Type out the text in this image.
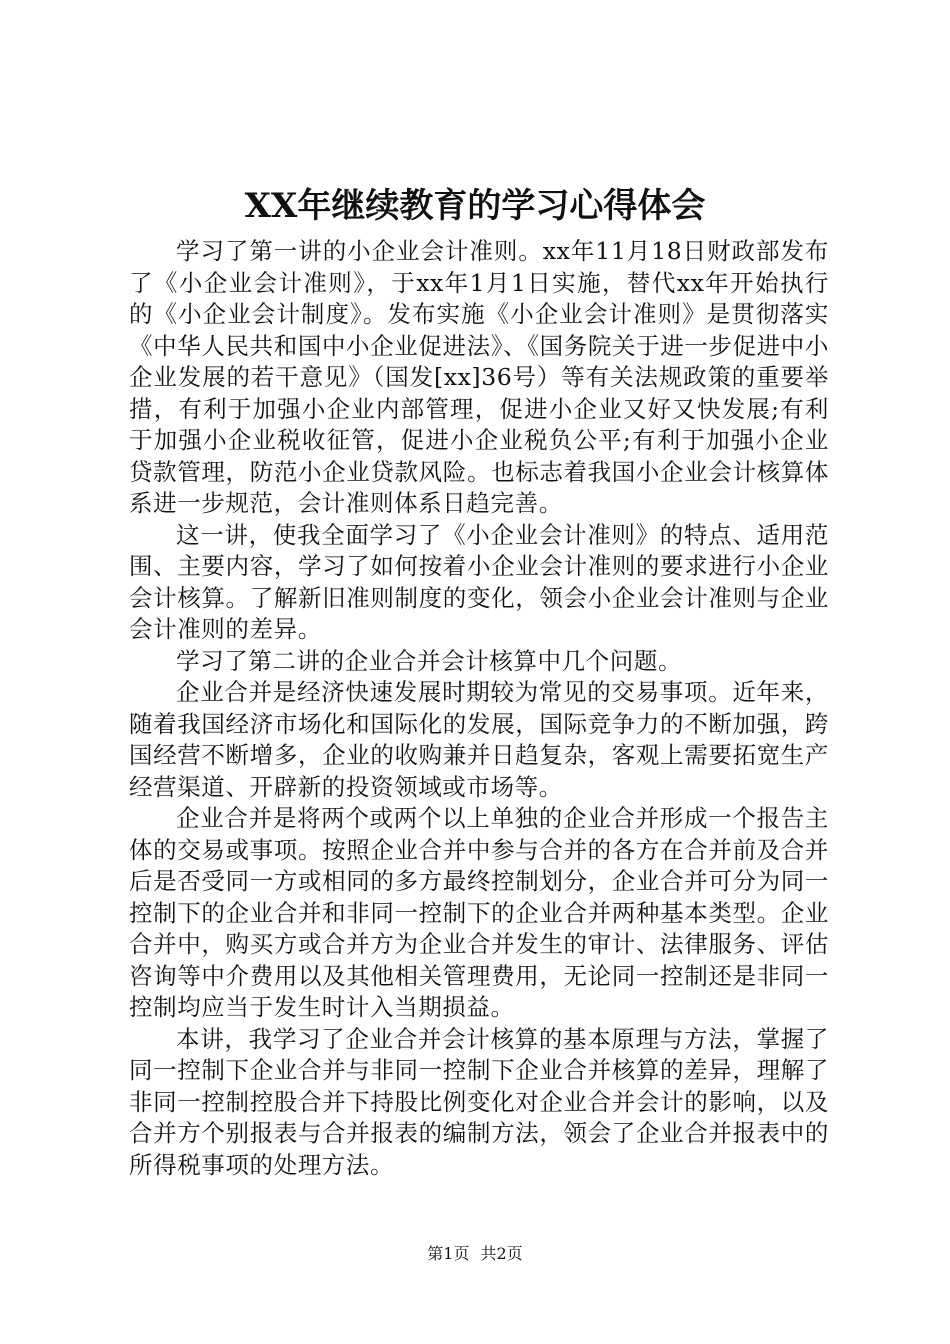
XX年继续教育的学习心得体会

学习了第一讲的小企业会计准则。xx年11月18日财政部发布了《小企业会计准则》，于xx年1月1日实施，替代xx年开始执行的《小企业会计制度》。发布实施《小企业会计准则》是贯彻落实《中华人民共和国中小企业促进法》、《国务院关于进一步促进中小企业发展的若干意见》（国发[xx]36号）等有关法规政策的重要举措，有利于加强小企业内部管理，促进小企业又好又快发展;有利于加强小企业税收征管，促进小企业税负公平;有利于加强小企业贷款管理，防范小企业贷款风险。也标志着我国小企业会计核算体系进一步规范，会计准则体系日趋完善。

这一讲，使我全面学习了《小企业会计准则》的特点、适用范围、主要内容，学习了如何按着小企业会计准则的要求进行小企业会计核算。了解新旧准则制度的变化，领会小企业会计准则与企业会计准则的差异。

学习了第二讲的企业合并会计核算中几个问题。

企业合并是经济快速发展时期较为常见的交易事项。近年来，随着我国经济市场化和国际化的发展，国际竞争力的不断加强，跨国经营不断增多，企业的收购兼并日趋复杂，客观上需要拓宽生产经营渠道、开辟新的投资领域或市场等。

企业合并是将两个或两个以上单独的企业合并形成一个报告主体的交易或事项。按照企业合并中参与合并的各方在合并前及合并后是否受同一方或相同的多方最终控制划分，企业合并可分为同一控制下的企业合并和非同一控制下的企业合并两种基本类型。企业合并中，购买方或合并方为企业合并发生的审计、法律服务、评估咨询等中介费用以及其他相关管理费用，无论同一控制还是非同一控制均应当于发生时计入当期损益。

本讲，我学习了企业合并会计核算的基本原理与方法，掌握了同一控制下企业合并与非同一控制下企业合并核算的差异，理解了非同一控制控股合并下持股比例变化对企业合并会计的影响，以及合并方个别报表与合并报表的编制方法，领会了企业合并报表中的所得税事项的处理方法。

第1页 共2页
